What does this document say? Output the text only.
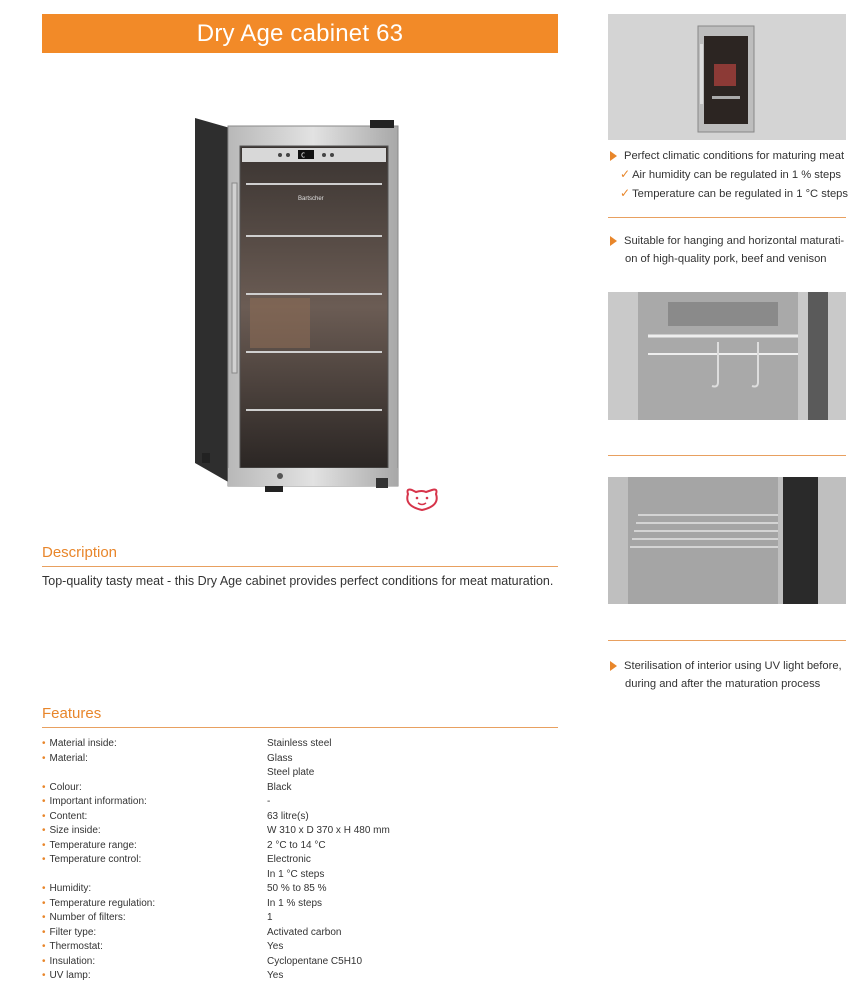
Dry Age cabinet 63
C
Bartscher
Description
Top-quality tasty meat - this Dry Age cabinet provides perfect conditions for meat maturation.
Features
• Material inside:	Stainless steel
• Material:	Glass
Steel plate
• Colour:	Black
• Important information:	-
• Content:	63 litre(s)
• Size inside:	W 310 x D 370 x H 480 mm
• Temperature range:	2 °C to 14 °C
• Temperature control:	Electronic
In 1 °C steps
• Humidity:	50 % to 85 %
• Temperature regulation:	In 1 % steps
• Number of filters:	1
• Filter type:	Activated carbon
• Thermostat:	Yes
• Insulation:	Cyclopentane C5H10
• UV lamp:	Yes
Perfect climatic conditions for maturing meat
✓ Air humidity can be regulated in 1 % steps
✓ Temperature can be regulated in 1 °C steps
Suitable for hanging and horizontal maturati-
on of high-quality pork, beef and venison
Sterilisation of interior using UV light before,
during and after the maturation process
